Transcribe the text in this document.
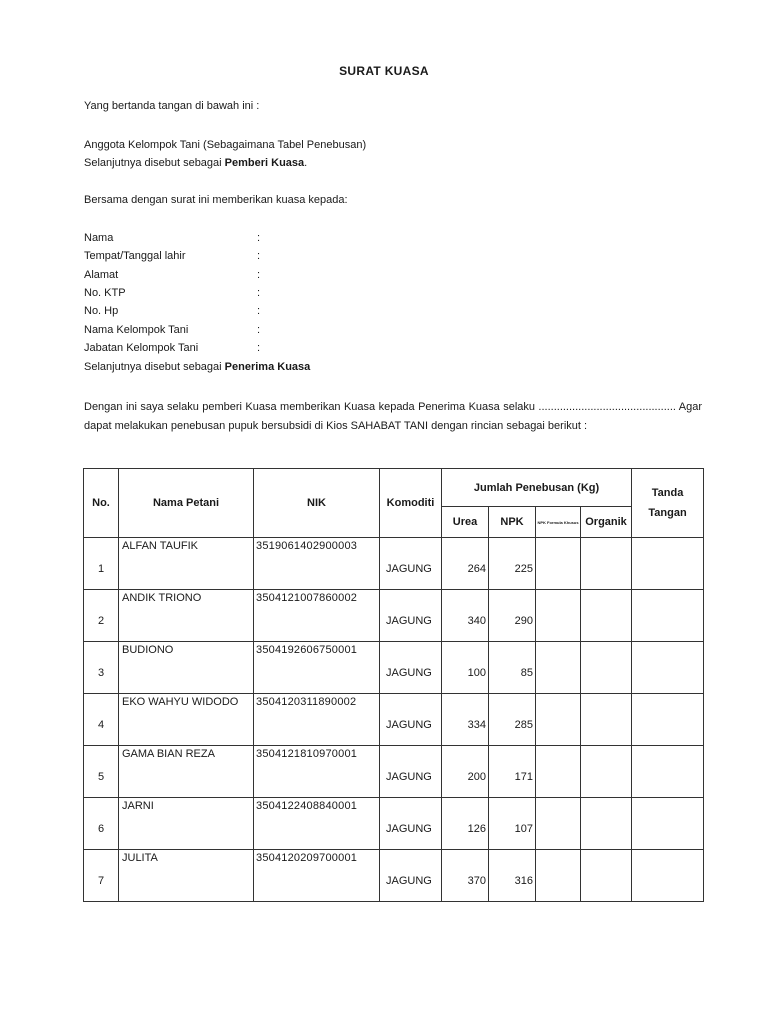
SURAT KUASA
Yang bertanda tangan di bawah ini :
Anggota Kelompok Tani (Sebagaimana Tabel Penebusan)
Selanjutnya disebut sebagai Pemberi Kuasa.
Bersama dengan surat ini memberikan kuasa kepada:
Nama	:
Tempat/Tanggal lahir	:
Alamat	:
No. KTP	:
No. Hp	:
Nama Kelompok Tani	:
Jabatan Kelompok Tani	:
Selanjutnya disebut sebagai Penerima Kuasa
Dengan ini saya selaku pemberi Kuasa memberikan Kuasa kepada Penerima Kuasa selaku ............................................. Agar dapat melakukan penebusan pupuk bersubsidi di Kios SAHABAT TANI dengan rincian sebagai berikut :
No.	Nama Petani	NIK	Komoditi	Jumlah Penebusan (Kg)				Tanda Tangan
				Urea	NPK	NPK Formula Khusus	Organik	
1	ALFAN TAUFIK	3519061402900003	JAGUNG	264	225			
2	ANDIK TRIONO	3504121007860002	JAGUNG	340	290			
3	BUDIONO	3504192606750001	JAGUNG	100	85			
4	EKO WAHYU WIDODO	3504120311890002	JAGUNG	334	285			
5	GAMA BIAN REZA	3504121810970001	JAGUNG	200	171			
6	JARNI	3504122408840001	JAGUNG	126	107			
7	JULITA	3504120209700001	JAGUNG	370	316			
